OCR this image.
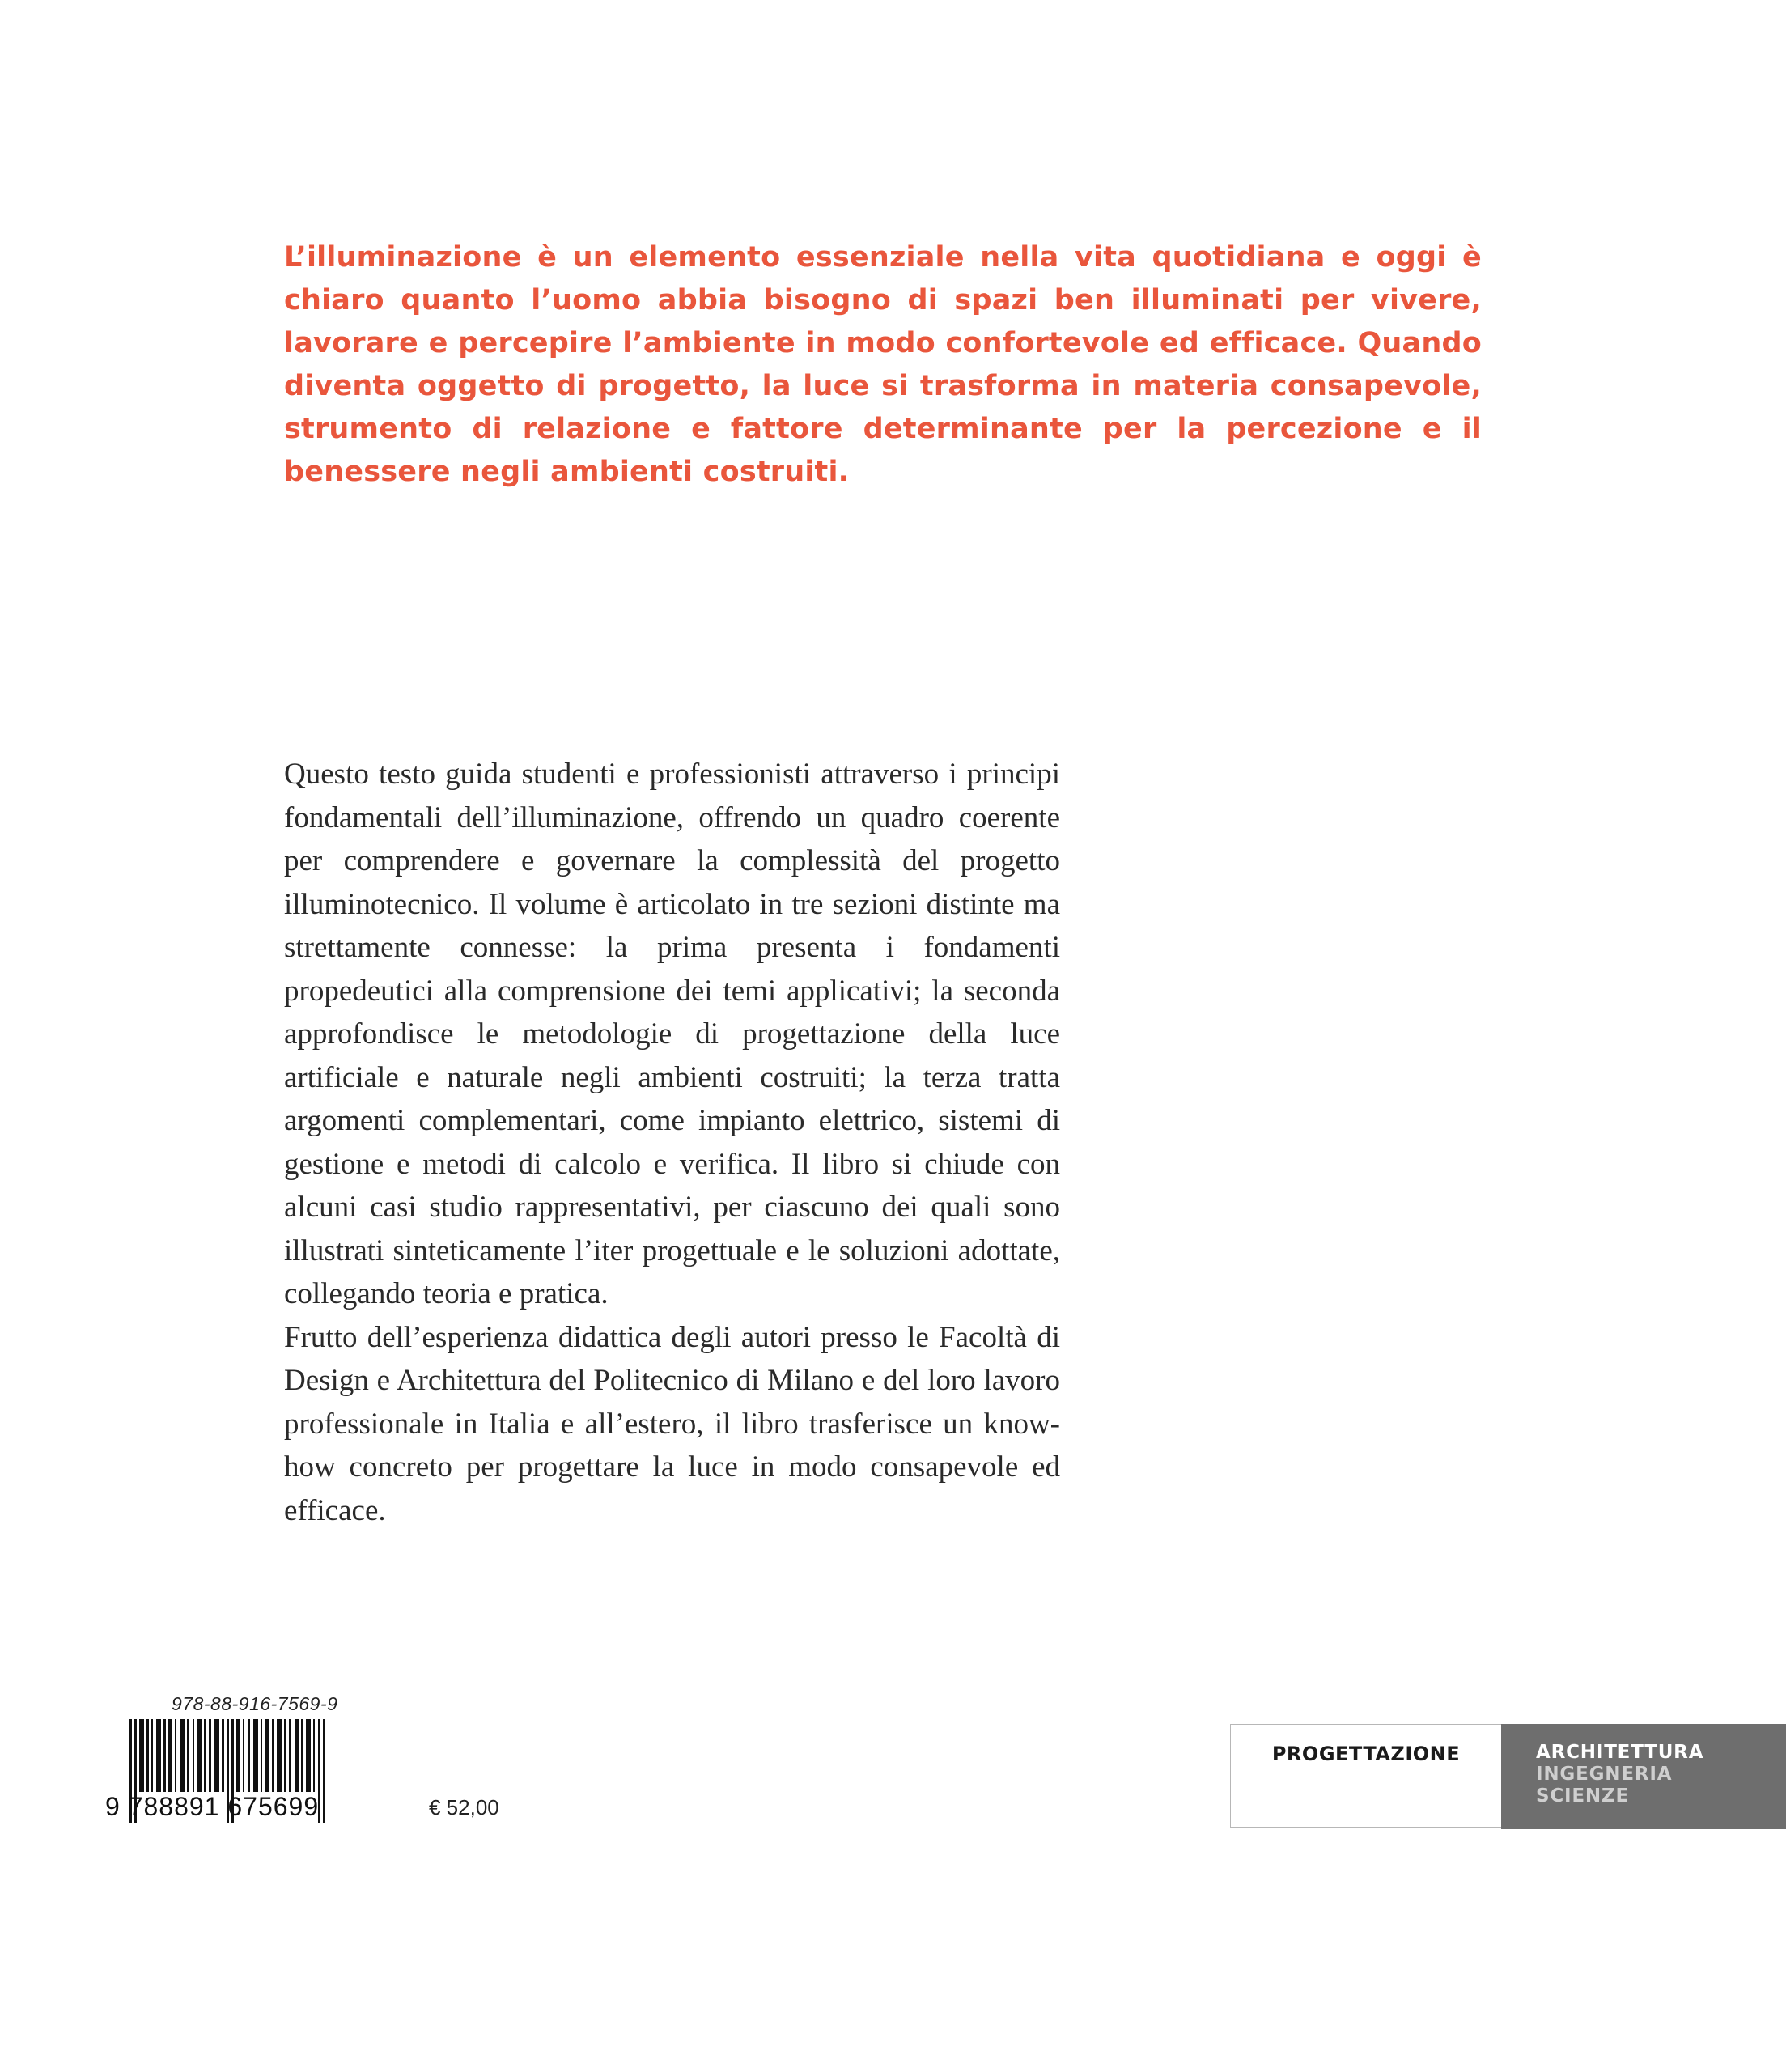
L’illuminazione è un elemento essenziale nella vita quotidiana e oggi è chiaro quanto l’uomo abbia bisogno di spazi ben illuminati per vivere, lavorare e percepire l’ambiente in modo confortevole ed efficace. Quando diventa oggetto di progetto, la luce si trasforma in materia consapevole, strumento di relazione e fattore determinante per la percezione e il benessere negli ambienti costruiti.

Questo testo guida studenti e professionisti attraverso i principi fondamentali dell’illuminazione, offrendo un quadro coerente per comprendere e governare la complessità del progetto illuminotecnico. Il volume è articolato in tre sezioni distinte ma strettamente connesse: la prima presenta i fondamenti propedeutici alla comprensione dei temi applicativi; la seconda approfondisce le metodologie di progettazione della luce artificiale e naturale negli ambienti costruiti; la terza tratta argomenti complementari, come impianto elettrico, sistemi di gestione e metodi di calcolo e verifica. Il libro si chiude con alcuni casi studio rappresentativi, per ciascuno dei quali sono illustrati sinteticamente l’iter progettuale e le soluzioni adottate, collegando teoria e pratica.

Frutto dell’esperienza didattica degli autori presso le Facoltà di Design e Architettura del Politecnico di Milano e del loro lavoro professionale in Italia e all’estero, il libro trasferisce un know-how concreto per progettare la luce in modo consapevole ed efficace.

978-88-916-7569-9
9 788891 675699	€ 52,00
PROGETTAZIONE	ARCHITETTURA
INGEGNERIA
SCIENZE
